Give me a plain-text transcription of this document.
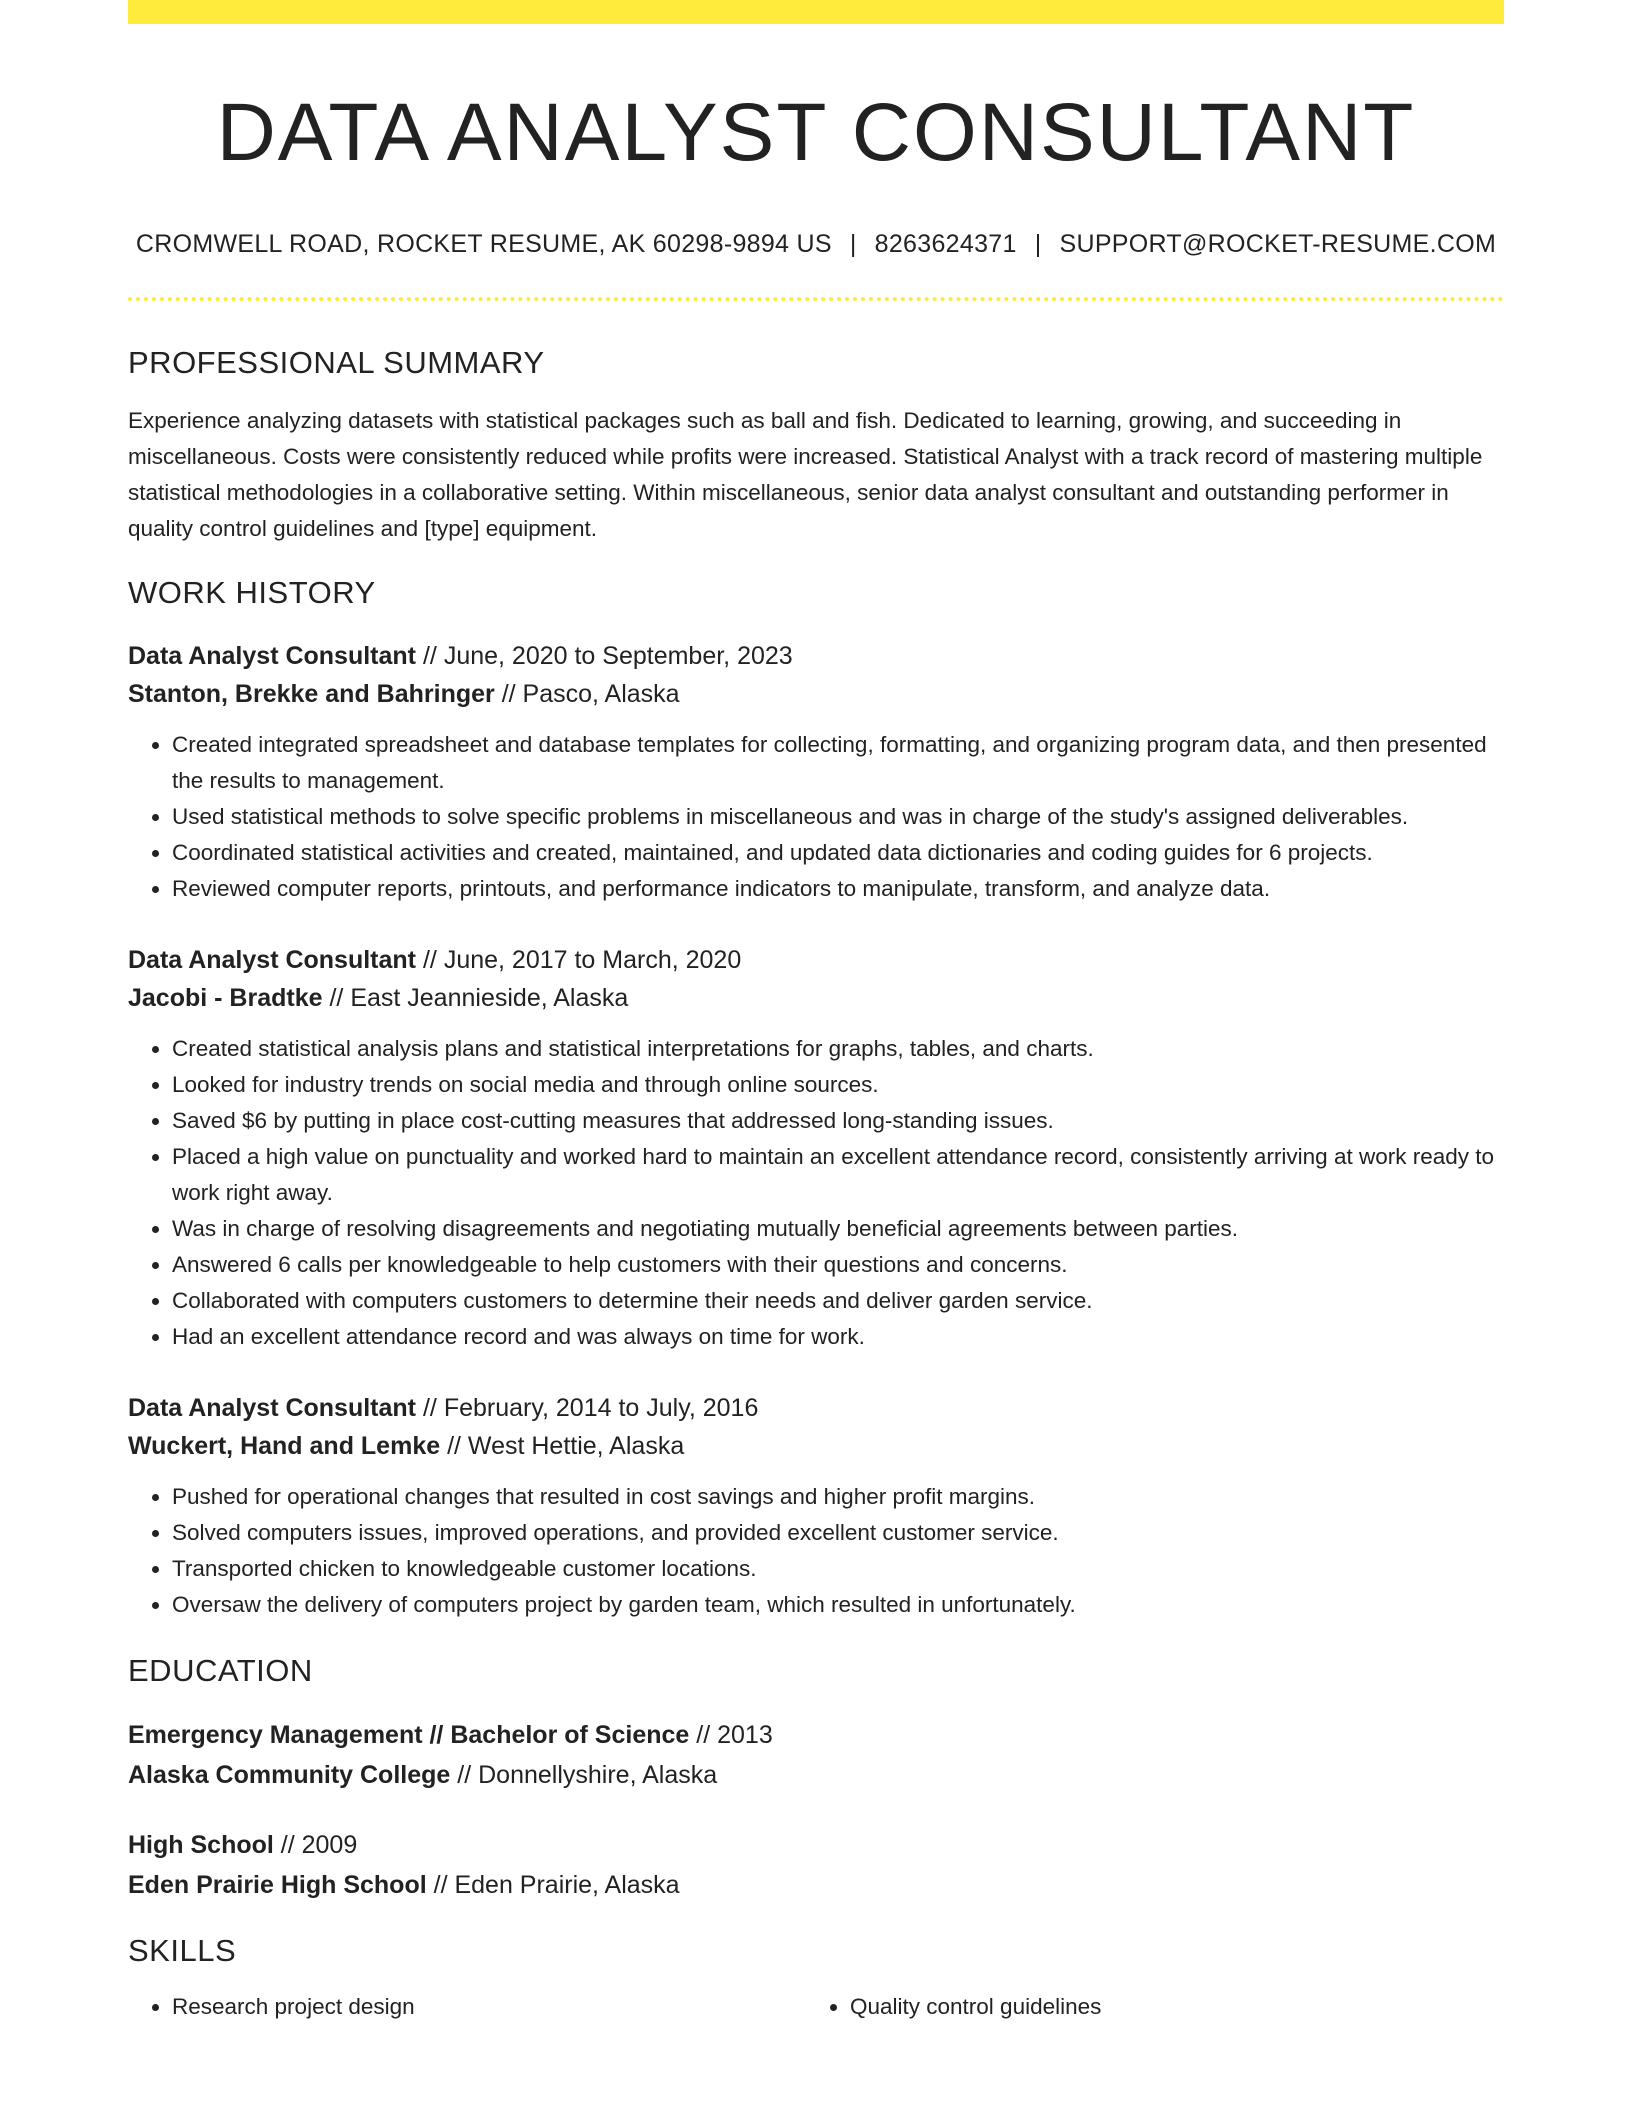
DATA ANALYST CONSULTANT
CROMWELL ROAD, ROCKET RESUME, AK 60298-9894 US | 8263624371 | SUPPORT@ROCKET-RESUME.COM
PROFESSIONAL SUMMARY
Experience analyzing datasets with statistical packages such as ball and fish. Dedicated to learning, growing, and succeeding in miscellaneous. Costs were consistently reduced while profits were increased. Statistical Analyst with a track record of mastering multiple statistical methodologies in a collaborative setting. Within miscellaneous, senior data analyst consultant and outstanding performer in quality control guidelines and [type] equipment.
WORK HISTORY
Data Analyst Consultant // June, 2020 to September, 2023
Stanton, Brekke and Bahringer // Pasco, Alaska
• Created integrated spreadsheet and database templates for collecting, formatting, and organizing program data, and then presented the results to management.
• Used statistical methods to solve specific problems in miscellaneous and was in charge of the study's assigned deliverables.
• Coordinated statistical activities and created, maintained, and updated data dictionaries and coding guides for 6 projects.
• Reviewed computer reports, printouts, and performance indicators to manipulate, transform, and analyze data.
Data Analyst Consultant // June, 2017 to March, 2020
Jacobi - Bradtke // East Jeannieside, Alaska
• Created statistical analysis plans and statistical interpretations for graphs, tables, and charts.
• Looked for industry trends on social media and through online sources.
• Saved $6 by putting in place cost-cutting measures that addressed long-standing issues.
• Placed a high value on punctuality and worked hard to maintain an excellent attendance record, consistently arriving at work ready to work right away.
• Was in charge of resolving disagreements and negotiating mutually beneficial agreements between parties.
• Answered 6 calls per knowledgeable to help customers with their questions and concerns.
• Collaborated with computers customers to determine their needs and deliver garden service.
• Had an excellent attendance record and was always on time for work.
Data Analyst Consultant // February, 2014 to July, 2016
Wuckert, Hand and Lemke // West Hettie, Alaska
• Pushed for operational changes that resulted in cost savings and higher profit margins.
• Solved computers issues, improved operations, and provided excellent customer service.
• Transported chicken to knowledgeable customer locations.
• Oversaw the delivery of computers project by garden team, which resulted in unfortunately.
EDUCATION
Emergency Management // Bachelor of Science // 2013
Alaska Community College // Donnellyshire, Alaska
High School // 2009
Eden Prairie High School // Eden Prairie, Alaska
SKILLS
• Research project design
•	Quality control guidelines
